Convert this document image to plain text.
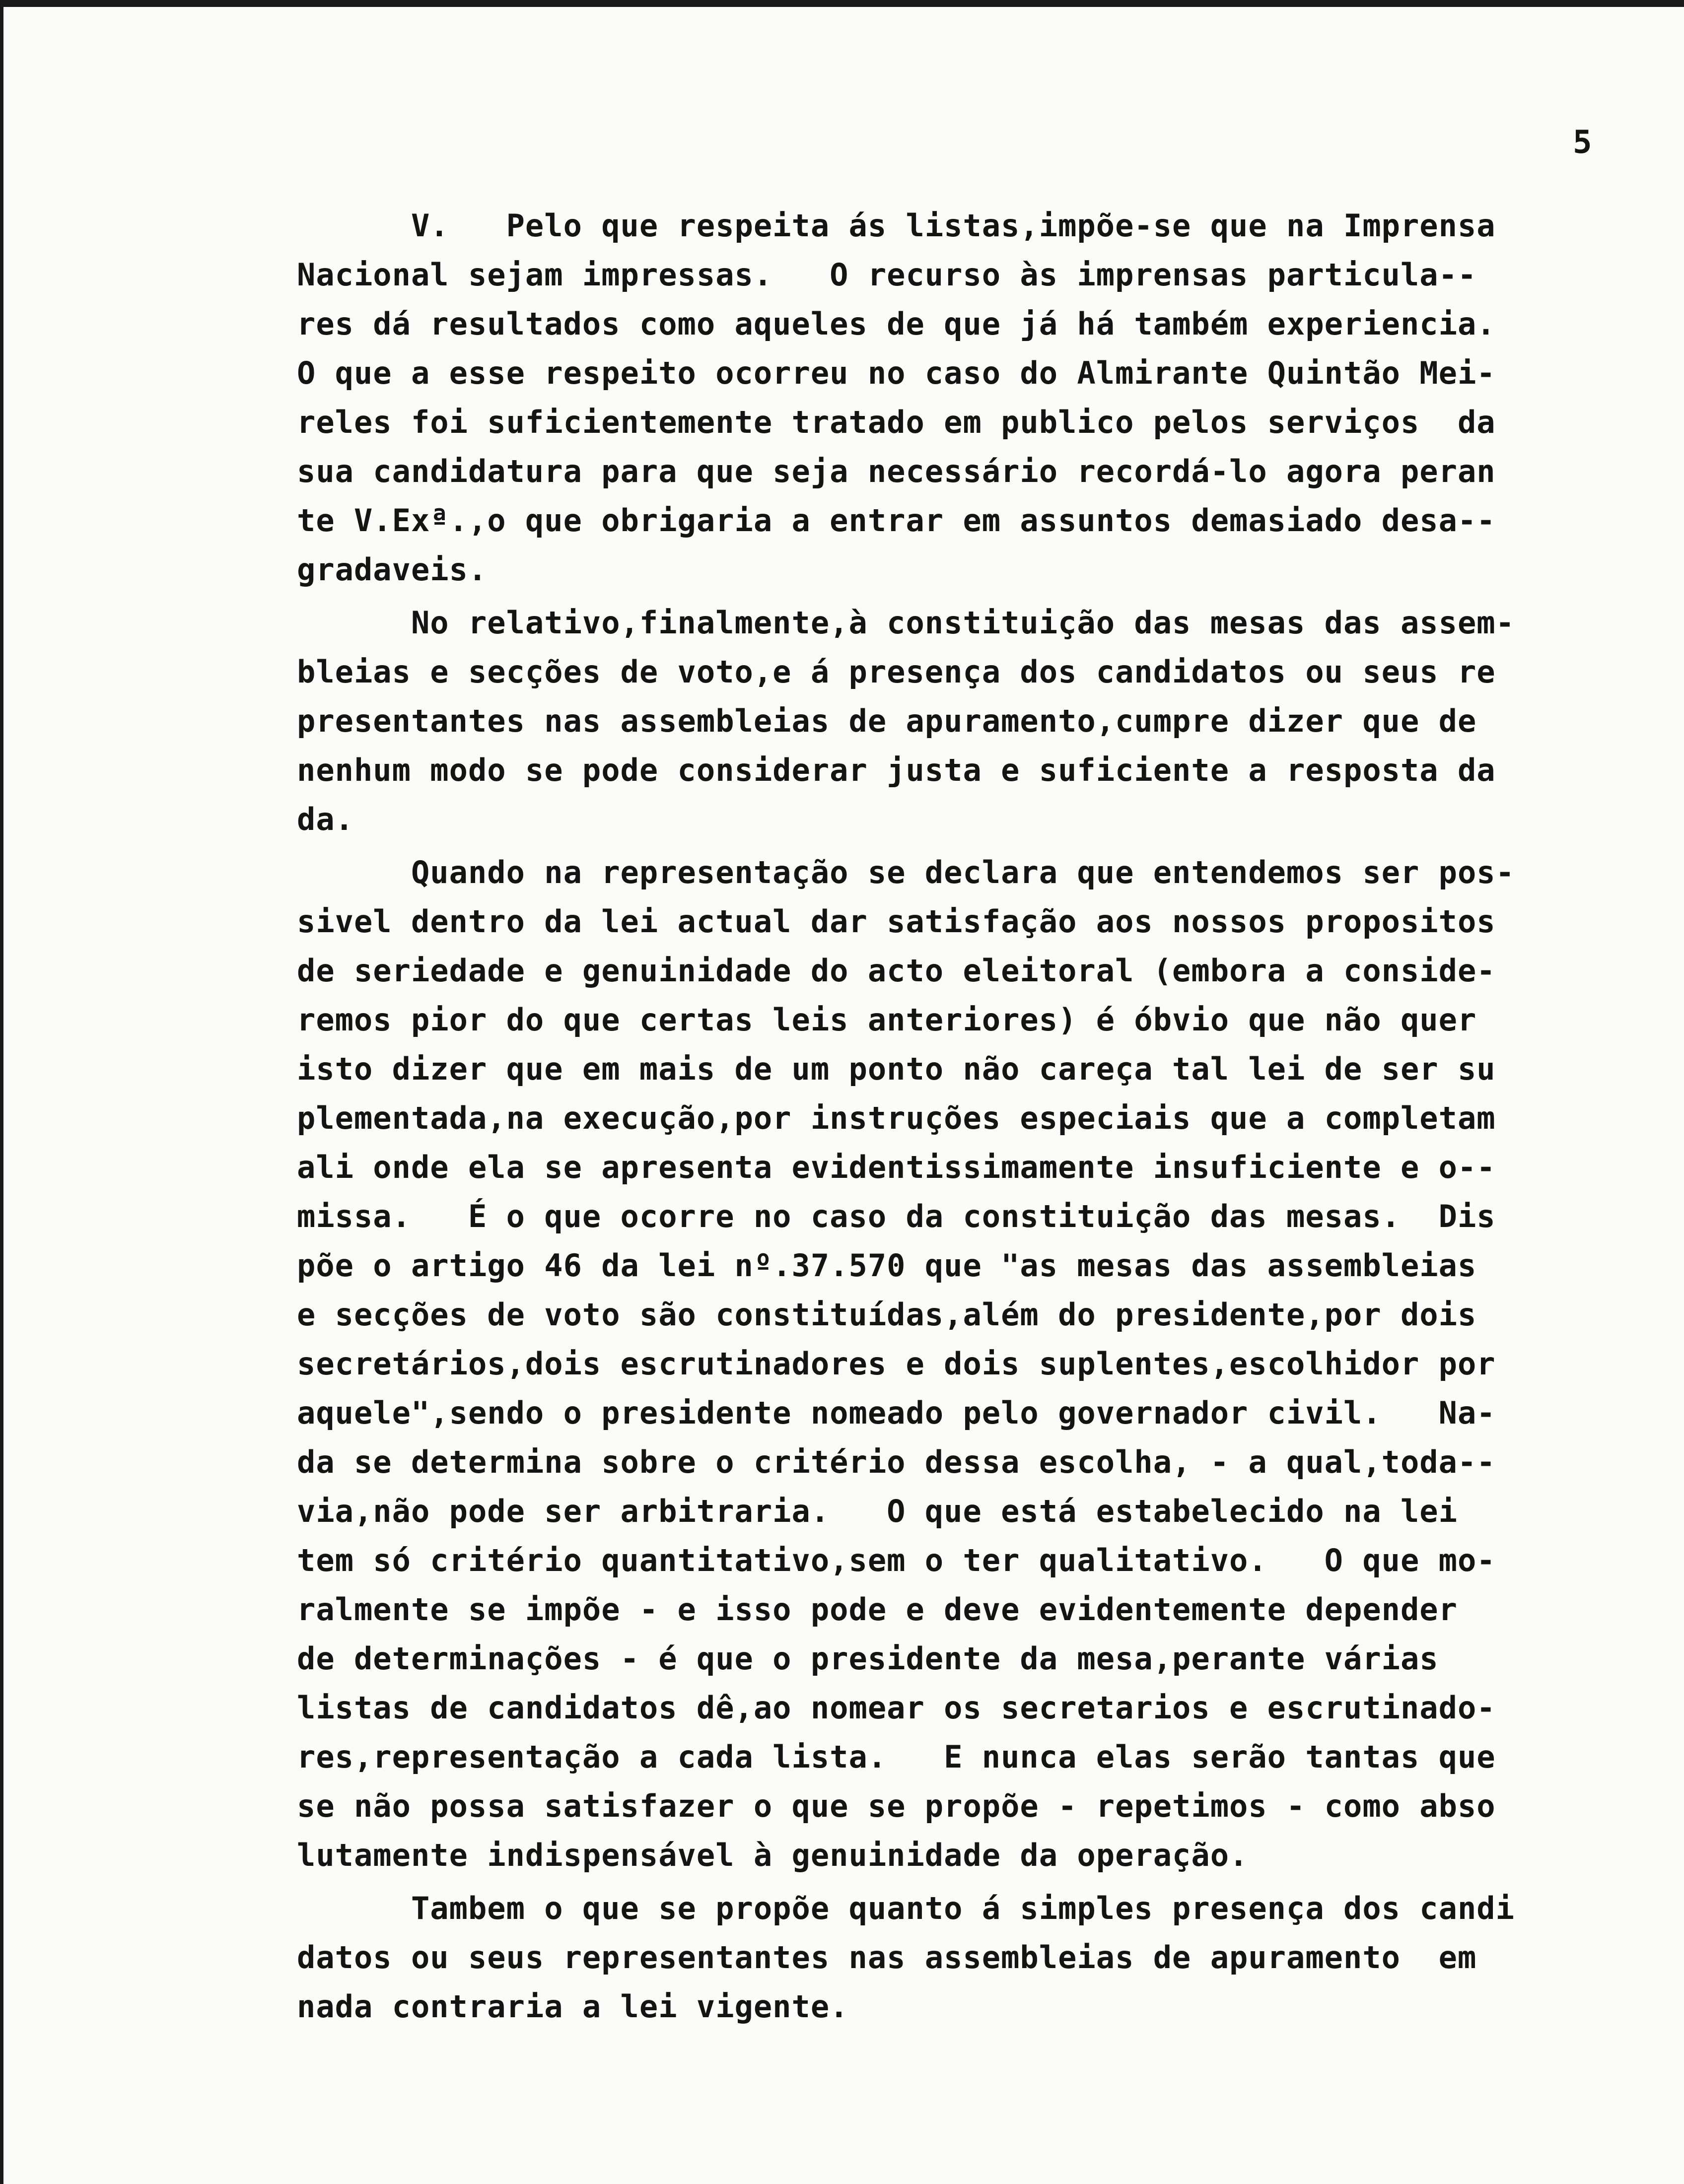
5
V.   Pelo que respeita ás listas,impõe-se que na Imprensa
Nacional sejam impressas.   O recurso às imprensas particula--
res dá resultados como aqueles de que já há também experiencia.
O que a esse respeito ocorreu no caso do Almirante Quintão Mei-
reles foi suficientemente tratado em publico pelos serviços  da
sua candidatura para que seja necessário recordá-lo agora peran
te V.Exª.,o que obrigaria a entrar em assuntos demasiado desa--
gradaveis.
No relativo,finalmente,à constituição das mesas das assem-
bleias e secções de voto,e á presença dos candidatos ou seus re
presentantes nas assembleias de apuramento,cumpre dizer que de
nenhum modo se pode considerar justa e suficiente a resposta da
da.
Quando na representação se declara que entendemos ser pos-
sivel dentro da lei actual dar satisfação aos nossos propositos
de seriedade e genuinidade do acto eleitoral (embora a conside-
remos pior do que certas leis anteriores) é óbvio que não quer
isto dizer que em mais de um ponto não careça tal lei de ser su
plementada,na execução,por instruções especiais que a completam
ali onde ela se apresenta evidentissimamente insuficiente e o--
missa.   É o que ocorre no caso da constituição das mesas.  Dis
põe o artigo 46 da lei nº.37.570 que "as mesas das assembleias
e secções de voto são constituídas,além do presidente,por dois
secretários,dois escrutinadores e dois suplentes,escolhidor por
aquele",sendo o presidente nomeado pelo governador civil.   Na-
da se determina sobre o critério dessa escolha, - a qual,toda--
via,não pode ser arbitraria.   O que está estabelecido na lei
tem só critério quantitativo,sem o ter qualitativo.   O que mo-
ralmente se impõe - e isso pode e deve evidentemente depender
de determinações - é que o presidente da mesa,perante várias
listas de candidatos dê,ao nomear os secretarios e escrutinado-
res,representação a cada lista.   E nunca elas serão tantas que
se não possa satisfazer o que se propõe - repetimos - como abso
lutamente indispensável à genuinidade da operação.
Tambem o que se propõe quanto á simples presença dos candi
datos ou seus representantes nas assembleias de apuramento  em
nada contraria a lei vigente.
